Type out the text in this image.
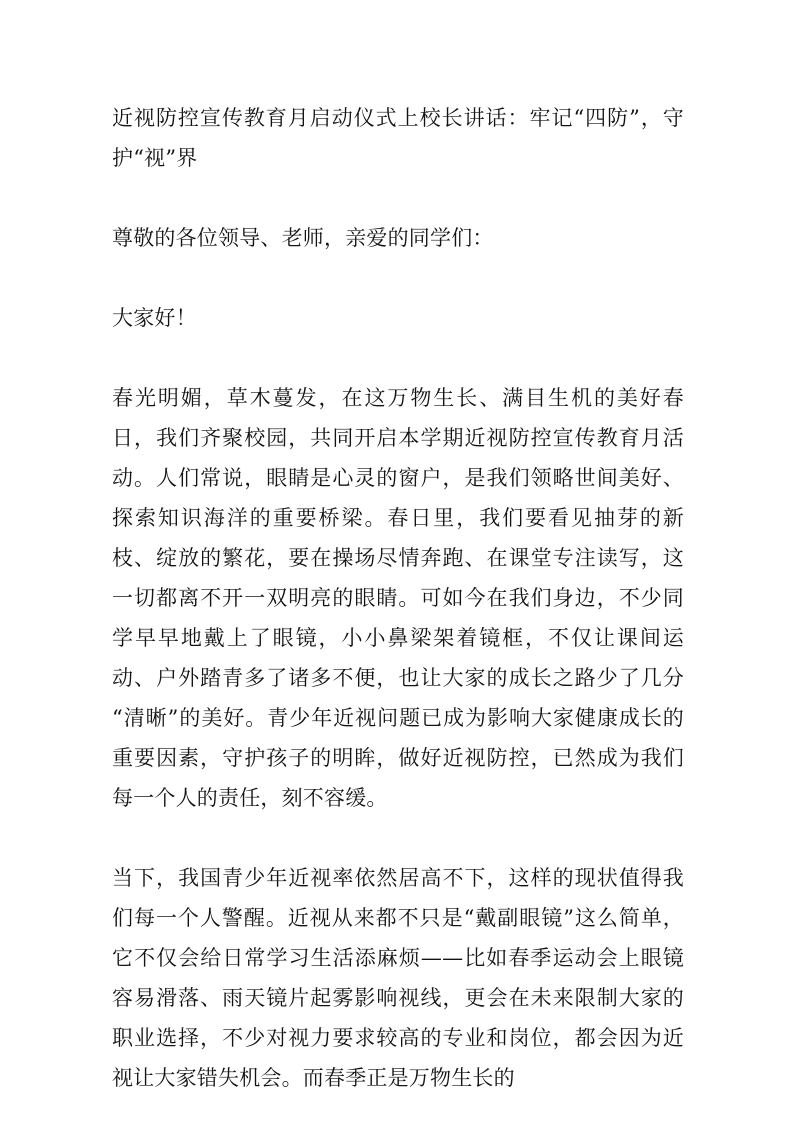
近视防控宣传教育月启动仪式上校长讲话：牢记“四防”，守护“视”界

尊敬的各位领导、老师，亲爱的同学们：

大家好！

春光明媚，草木蔓发，在这万物生长、满目生机的美好春日，我们齐聚校园，共同开启本学期近视防控宣传教育月活动。人们常说，眼睛是心灵的窗户，是我们领略世间美好、探索知识海洋的重要桥梁。春日里，我们要看见抽芽的新枝、绽放的繁花，要在操场尽情奔跑、在课堂专注读写，这一切都离不开一双明亮的眼睛。可如今在我们身边，不少同学早早地戴上了眼镜，小小鼻梁架着镜框，不仅让课间运动、户外踏青多了诸多不便，也让大家的成长之路少了几分“清晰”的美好。青少年近视问题已成为影响大家健康成长的重要因素，守护孩子的明眸，做好近视防控，已然成为我们每一个人的责任，刻不容缓。

当下，我国青少年近视率依然居高不下，这样的现状值得我们每一个人警醒。近视从来都不只是“戴副眼镜”这么简单，它不仅会给日常学习生活添麻烦——比如春季运动会上眼镜容易滑落、雨天镜片起雾影响视线，更会在未来限制大家的职业选择，不少对视力要求较高的专业和岗位，都会因为近视让大家错失机会。而春季正是万物生长的
